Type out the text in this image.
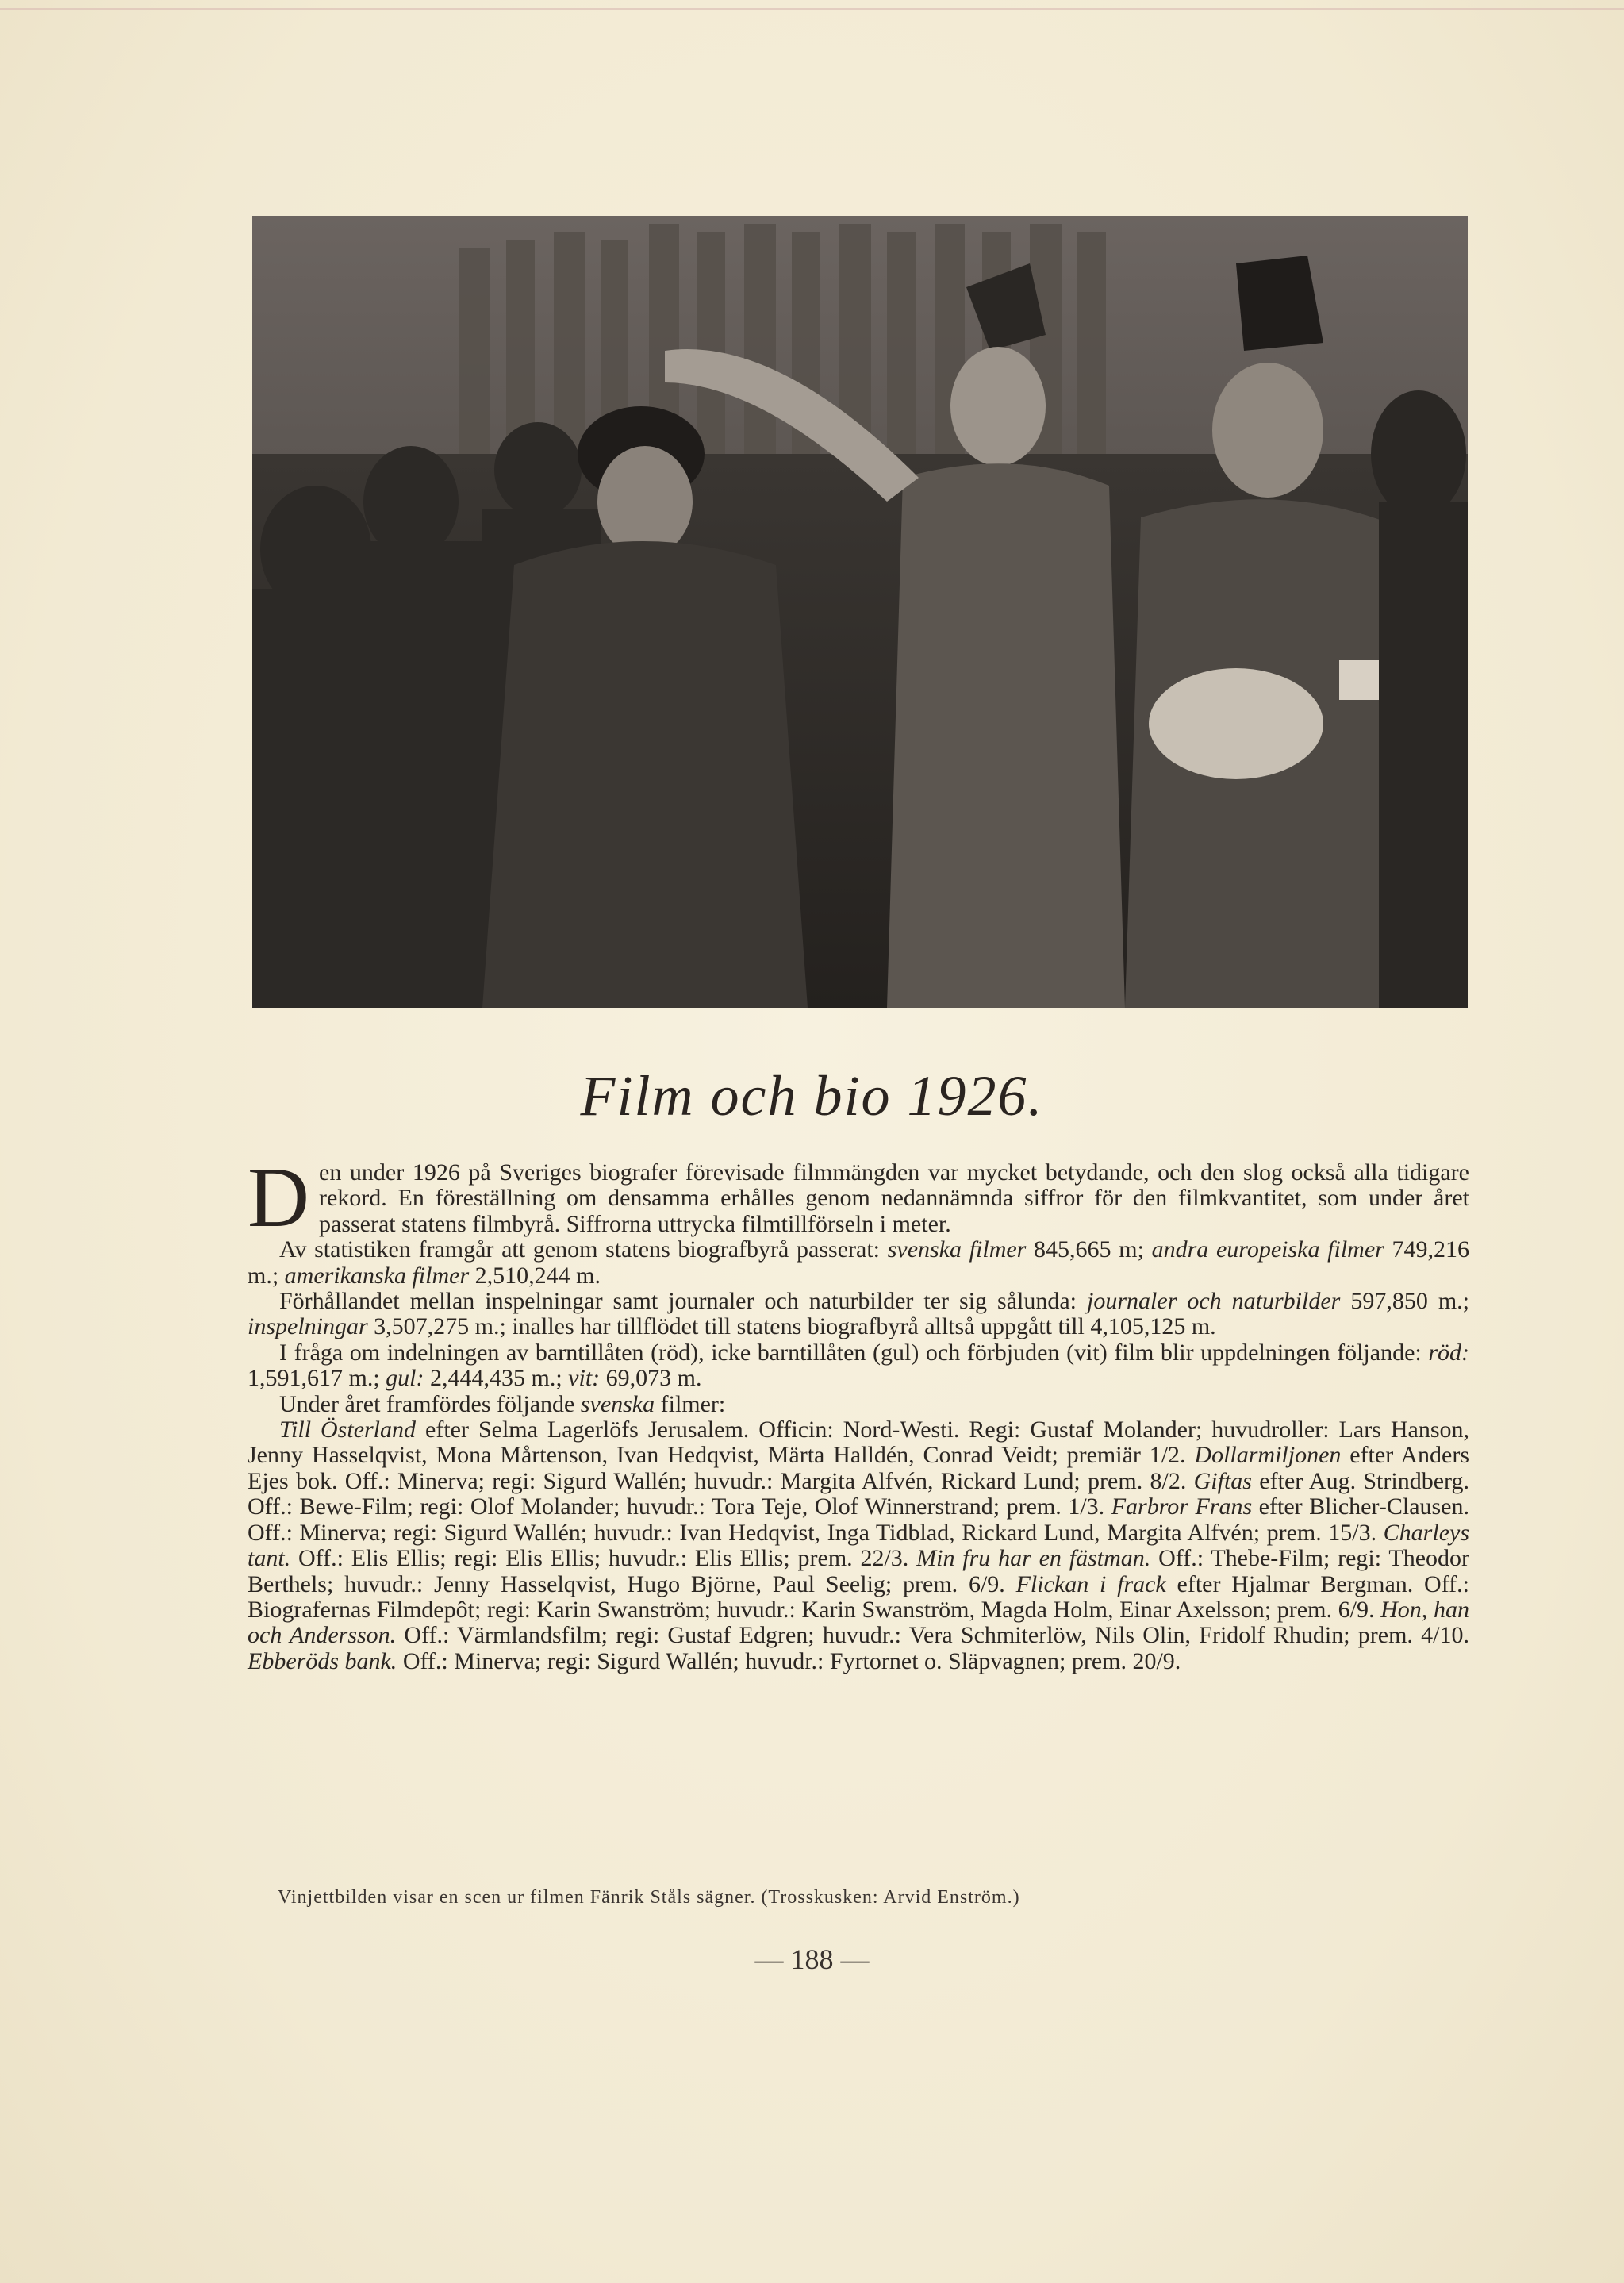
Film och bio 1926.

Den under 1926 på Sveriges biografer förevisade filmmängden var mycket betydande, och den slog också alla tidigare rekord. En föreställning om densamma erhålles genom nedannämnda siffror för den filmkvantitet, som under året passerat statens filmbyrå. Siffrorna uttrycka filmtillförseln i meter.

Av statistiken framgår att genom statens biografbyrå passerat: svenska filmer 845,665 m; andra europeiska filmer 749,216 m.; amerikanska filmer 2,510,244 m.

Förhållandet mellan inspelningar samt journaler och naturbilder ter sig sålunda: journaler och naturbilder 597,850 m.; inspelningar 3,507,275 m.; inalles har tillflödet till statens biografbyrå alltså uppgått till 4,105,125 m.

I fråga om indelningen av barntillåten (röd), icke barntillåten (gul) och förbjuden (vit) film blir uppdelningen följande: röd: 1,591,617 m.; gul: 2,444,435 m.; vit: 69,073 m.

Under året framfördes följande svenska filmer:

Till Österland efter Selma Lagerlöfs Jerusalem. Officin: Nord-Westi. Regi: Gustaf Molander; huvudroller: Lars Hanson, Jenny Hasselqvist, Mona Mårtenson, Ivan Hedqvist, Märta Halldén, Conrad Veidt; premiär 1/2. Dollarmiljonen efter Anders Ejes bok. Off.: Minerva; regi: Sigurd Wallén; huvudr.: Margita Alfvén, Rickard Lund; prem. 8/2. Giftas efter Aug. Strindberg. Off.: Bewe-Film; regi: Olof Molander; huvudr.: Tora Teje, Olof Winnerstrand; prem. 1/3. Farbror Frans efter Blicher-Clausen. Off.: Minerva; regi: Sigurd Wallén; huvudr.: Ivan Hedqvist, Inga Tidblad, Rickard Lund, Margita Alfvén; prem. 15/3. Charleys tant. Off.: Elis Ellis; regi: Elis Ellis; huvudr.: Elis Ellis; prem. 22/3. Min fru har en fästman. Off.: Thebe-Film; regi: Theodor Berthels; huvudr.: Jenny Hasselqvist, Hugo Björne, Paul Seelig; prem. 6/9. Flickan i frack efter Hjalmar Bergman. Off.: Biografernas Filmdepôt; regi: Karin Swanström; huvudr.: Karin Swanström, Magda Holm, Einar Axelsson; prem. 6/9. Hon, han och Andersson. Off.: Värmlandsfilm; regi: Gustaf Edgren; huvudr.: Vera Schmiterlöw, Nils Olin, Fridolf Rhudin; prem. 4/10. Ebberöds bank. Off.: Minerva; regi: Sigurd Wallén; huvudr.: Fyrtornet o. Släpvagnen; prem. 20/9.

Vinjettbilden visar en scen ur filmen Fänrik Ståls sägner. (Trosskusken: Arvid Enström.)
— 188 —
